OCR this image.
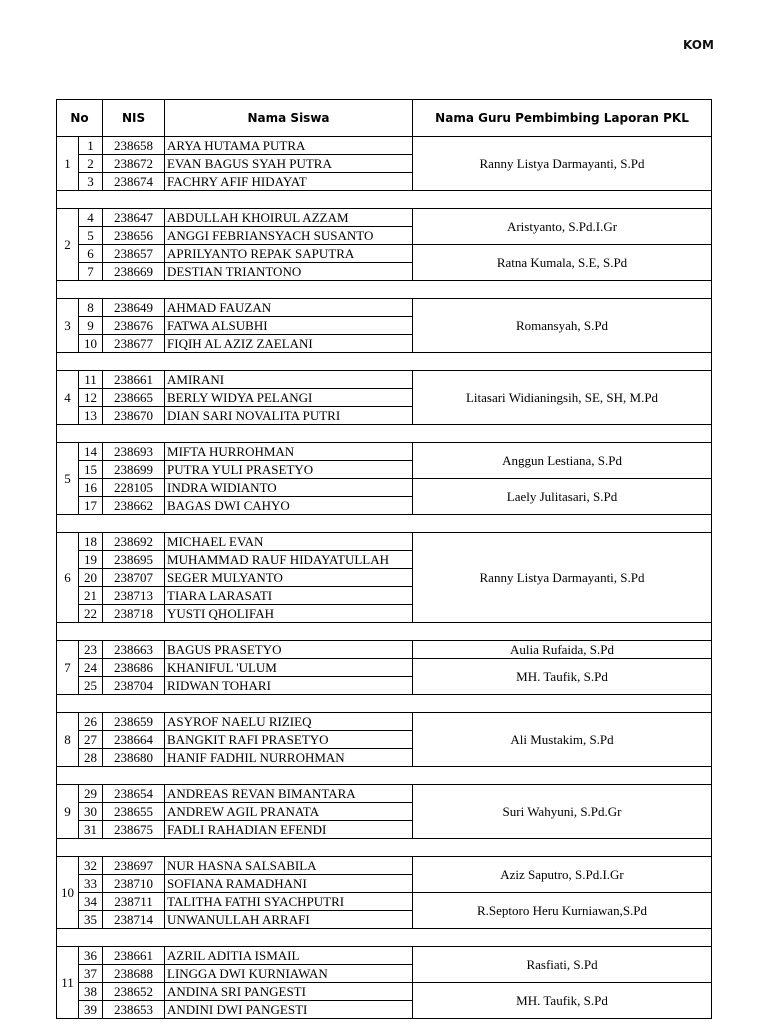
KOM
No		NIS	Nama Siswa	Nama Guru Pembimbing Laporan PKL
1	1	238658	ARYA HUTAMA PUTRA	Ranny Listya Darmayanti, S.Pd
	2	238672	EVAN BAGUS SYAH PUTRA	
	3	238674	FACHRY AFIF HIDAYAT	

2	4	238647	ABDULLAH KHOIRUL AZZAM	Aristyanto, S.Pd.I.Gr
	5	238656	ANGGI FEBRIANSYACH SUSANTO	
	6	238657	APRILYANTO REPAK SAPUTRA	Ratna Kumala, S.E, S.Pd
	7	238669	DESTIAN TRIANTONO	

3	8	238649	AHMAD FAUZAN	Romansyah, S.Pd
	9	238676	FATWA ALSUBHI	
	10	238677	FIQIH AL AZIZ ZAELANI	

4	11	238661	AMIRANI	Litasari Widianingsih, SE, SH, M.Pd
	12	238665	BERLY WIDYA PELANGI	
	13	238670	DIAN SARI NOVALITA PUTRI	

5	14	238693	MIFTA HURROHMAN	Anggun Lestiana, S.Pd
	15	238699	PUTRA YULI PRASETYO	
	16	228105	INDRA WIDIANTO	Laely Julitasari, S.Pd
	17	238662	BAGAS DWI CAHYO	

6	18	238692	MICHAEL EVAN	Ranny Listya Darmayanti, S.Pd
	19	238695	MUHAMMAD RAUF HIDAYATULLAH	
	20	238707	SEGER MULYANTO	
	21	238713	TIARA LARASATI	
	22	238718	YUSTI QHOLIFAH	

7	23	238663	BAGUS PRASETYO	Aulia Rufaida, S.Pd
	24	238686	KHANIFUL 'ULUM	MH. Taufik, S.Pd
	25	238704	RIDWAN TOHARI	

8	26	238659	ASYROF NAELU RIZIEQ	Ali Mustakim, S.Pd
	27	238664	BANGKIT RAFI PRASETYO	
	28	238680	HANIF FADHIL NURROHMAN	

9	29	238654	ANDREAS REVAN BIMANTARA	Suri Wahyuni, S.Pd.Gr
	30	238655	ANDREW AGIL PRANATA	
	31	238675	FADLI RAHADIAN EFENDI	

10	32	238697	NUR HASNA SALSABILA	Aziz Saputro, S.Pd.I.Gr
	33	238710	SOFIANA RAMADHANI	
	34	238711	TALITHA FATHI SYACHPUTRI	R.Septoro Heru Kurniawan,S.Pd
	35	238714	UNWANULLAH ARRAFI	

11	36	238661	AZRIL ADITIA ISMAIL	Rasfiati, S.Pd
	37	238688	LINGGA DWI KURNIAWAN	
	38	238652	ANDINA SRI PANGESTI	MH. Taufik, S.Pd
	39	238653	ANDINI DWI PANGESTI	
